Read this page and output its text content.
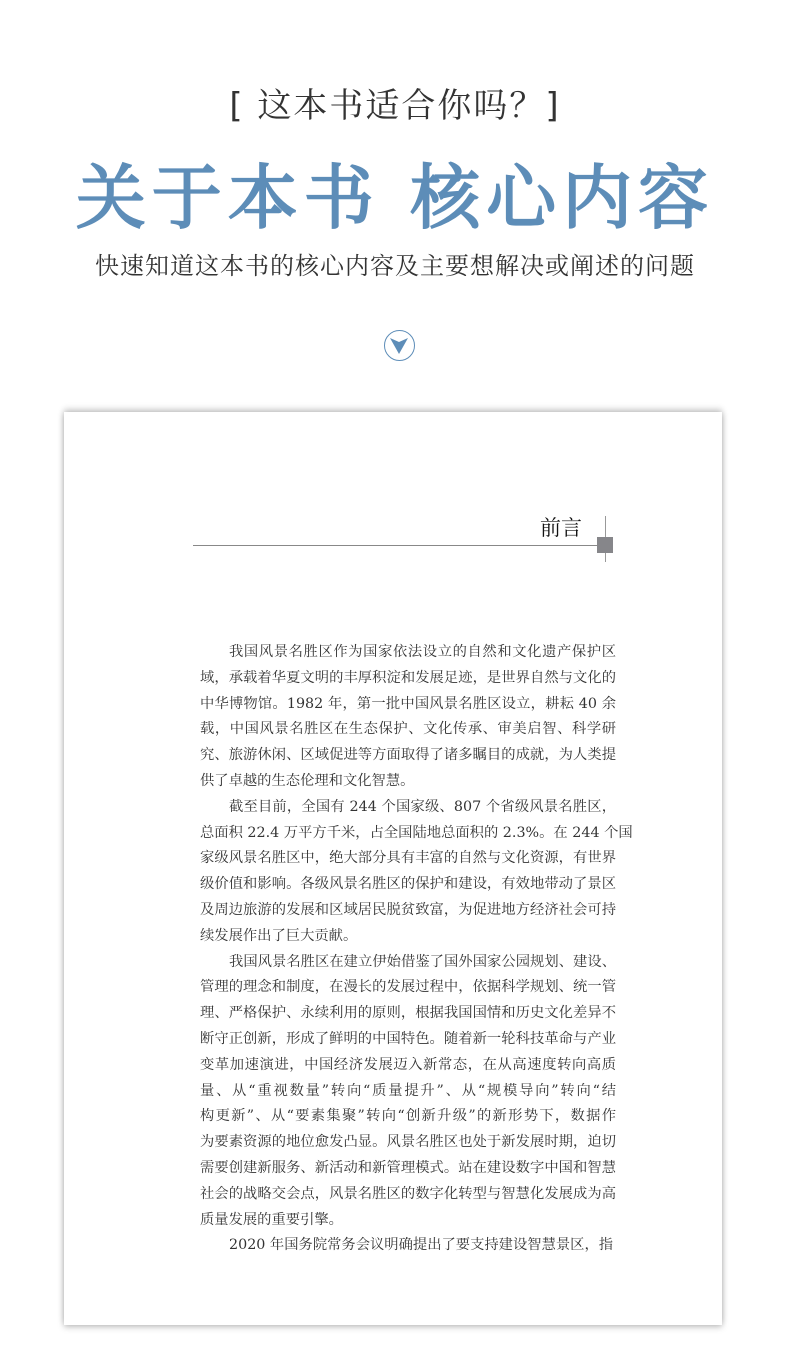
[ 这本书适合你吗？]
关于本书 核心内容
快速知道这本书的核心内容及主要想解决或阐述的问题
前言
我国风景名胜区作为国家依法设立的自然和文化遗产保护区
域，承载着华夏文明的丰厚积淀和发展足迹，是世界自然与文化的
中华博物馆。1982 年，第一批中国风景名胜区设立，耕耘 40 余
载，中国风景名胜区在生态保护、文化传承、审美启智、科学研
究、旅游休闲、区域促进等方面取得了诸多瞩目的成就，为人类提
供了卓越的生态伦理和文化智慧。
截至目前，全国有 244 个国家级、807 个省级风景名胜区，
总面积 22.4 万平方千米，占全国陆地总面积的 2.3%。在 244 个国
家级风景名胜区中，绝大部分具有丰富的自然与文化资源，有世界
级价值和影响。各级风景名胜区的保护和建设，有效地带动了景区
及周边旅游的发展和区域居民脱贫致富，为促进地方经济社会可持
续发展作出了巨大贡献。
我国风景名胜区在建立伊始借鉴了国外国家公园规划、建设、
管理的理念和制度，在漫长的发展过程中，依据科学规划、统一管
理、严格保护、永续利用的原则，根据我国国情和历史文化差异不
断守正创新，形成了鲜明的中国特色。随着新一轮科技革命与产业
变革加速演进，中国经济发展迈入新常态，在从高速度转向高质
量、从“重视数量”转向“质量提升”、从“规模导向”转向“结
构更新”、从“要素集聚”转向“创新升级”的新形势下，数据作
为要素资源的地位愈发凸显。风景名胜区也处于新发展时期，迫切
需要创建新服务、新活动和新管理模式。站在建设数字中国和智慧
社会的战略交会点，风景名胜区的数字化转型与智慧化发展成为高
质量发展的重要引擎。
2020 年国务院常务会议明确提出了要支持建设智慧景区，指
